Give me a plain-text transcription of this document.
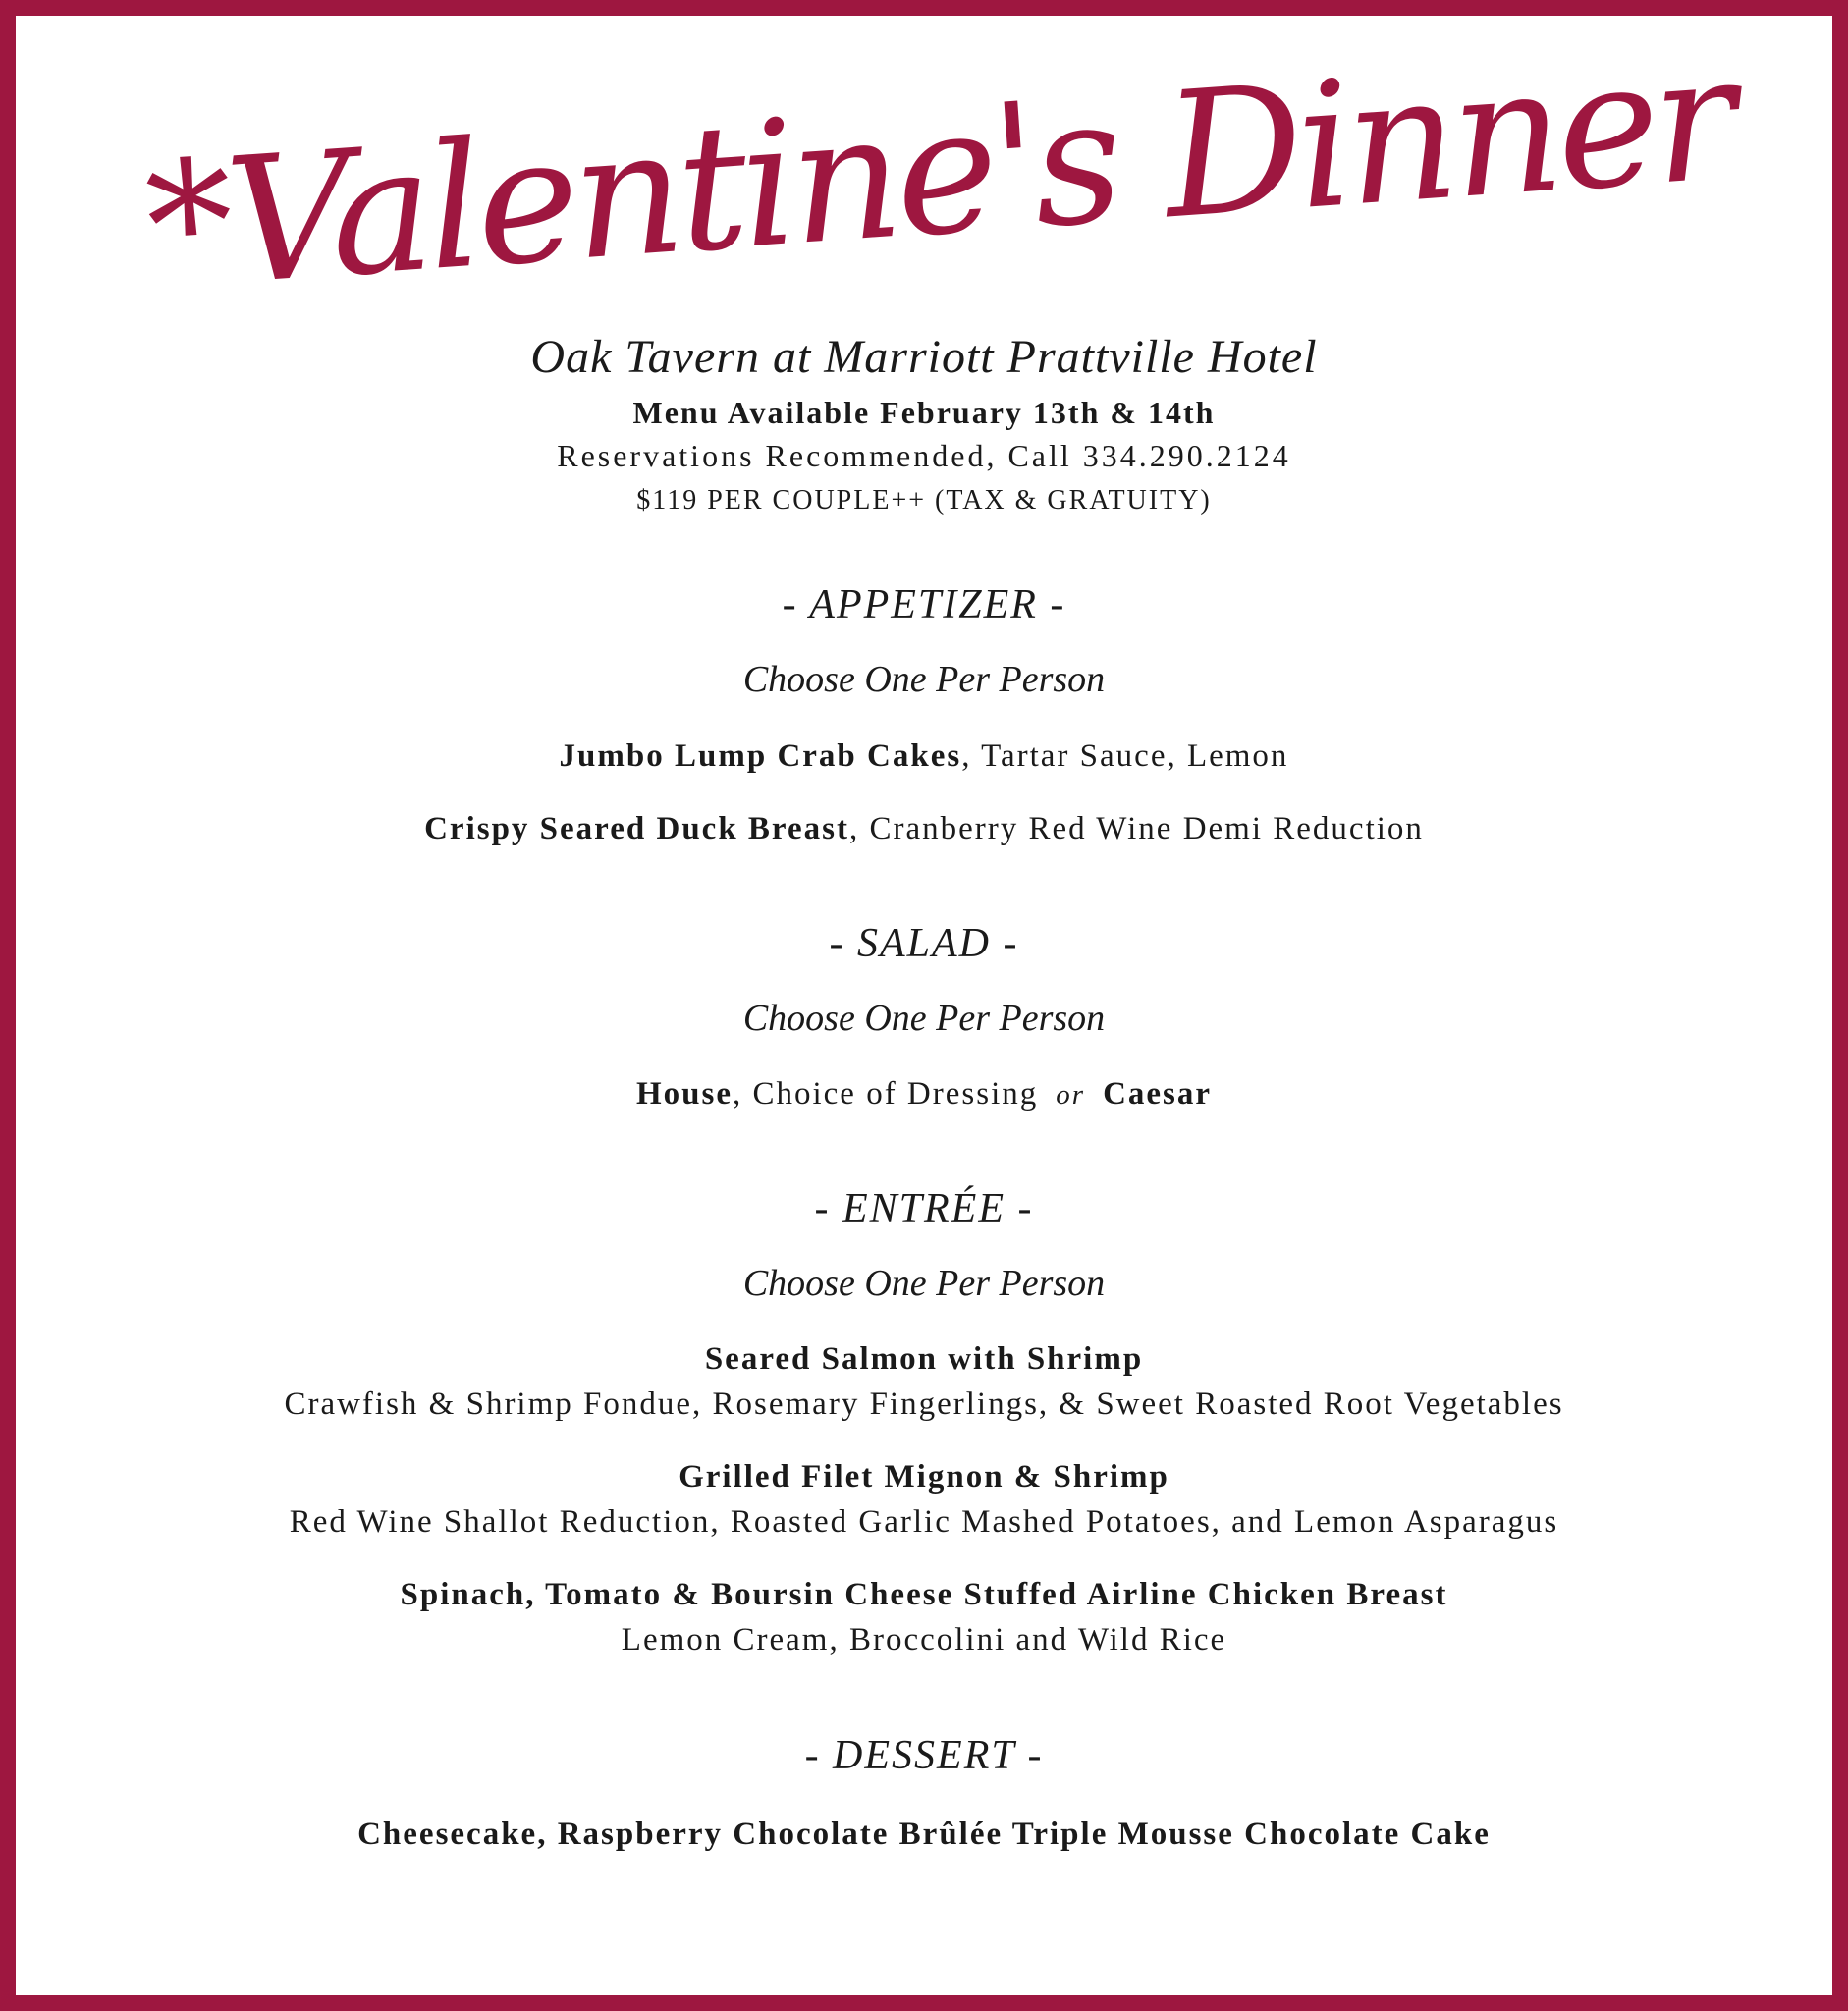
*Valentine's Dinner
Oak Tavern at Marriott Prattville Hotel
Menu Available February 13th & 14th
Reservations Recommended, Call 334.290.2124
$119 PER COUPLE++ (TAX & GRATUITY)
- APPETIZER -
Choose One Per Person
Jumbo Lump Crab Cakes, Tartar Sauce, Lemon
Crispy Seared Duck Breast, Cranberry Red Wine Demi Reduction
- SALAD -
Choose One Per Person
House, Choice of Dressing or Caesar
- ENTRÉE -
Choose One Per Person
Seared Salmon with Shrimp
Crawfish & Shrimp Fondue, Rosemary Fingerlings, & Sweet Roasted Root Vegetables
Grilled Filet Mignon & Shrimp
Red Wine Shallot Reduction, Roasted Garlic Mashed Potatoes, and Lemon Asparagus
Spinach, Tomato & Boursin Cheese Stuffed Airline Chicken Breast
Lemon Cream, Broccolini and Wild Rice
- DESSERT -
Cheesecake, Raspberry Chocolate Brûlée Triple Mousse Chocolate Cake
